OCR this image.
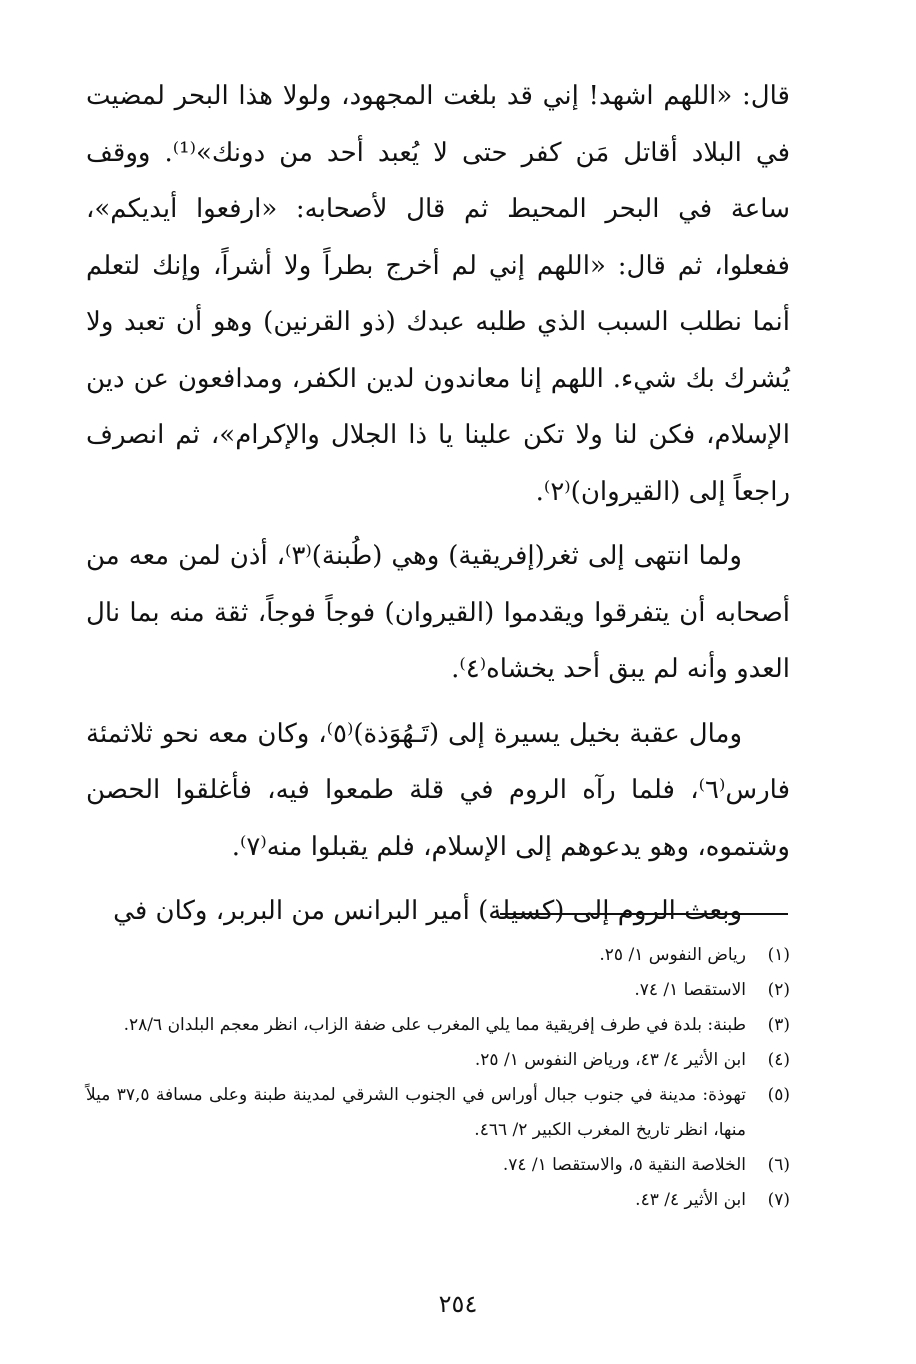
قال: «اللهم اشهد! إني قد بلغت المجهود، ولولا هذا البحر لمضيت في البلاد أقاتل مَن كفر حتى لا يُعبد أحد من دونك»⁽¹⁾. ووقف ساعة في البحر المحيط ثم قال لأصحابه: «ارفعوا أيديكم»، ففعلوا، ثم قال: «اللهم إني لم أخرج بطراً ولا أشراً، وإنك لتعلم أنما نطلب السبب الذي طلبه عبدك (ذو القرنين) وهو أن تعبد ولا يُشرك بك شيء. اللهم إنا معاندون لدين الكفر، ومدافعون عن دين الإسلام، فكن لنا ولا تكن علينا يا ذا الجلال والإكرام»، ثم انصرف راجعاً إلى (القيروان)⁽٢⁾.

ولما انتهى إلى ثغر(إفريقية) وهي (طُبنة)⁽٣⁾، أذن لمن معه من أصحابه أن يتفرقوا ويقدموا (القيروان) فوجاً فوجاً، ثقة منه بما نال العدو وأنه لم يبق أحد يخشاه⁽٤⁾.

ومال عقبة بخيل يسيرة إلى (تَـهُوَذة)⁽٥⁾، وكان معه نحو ثلاثمئة فارس⁽٦⁾، فلما رآه الروم في قلة طمعوا فيه، فأغلقوا الحصن وشتموه، وهو يدعوهم إلى الإسلام، فلم يقبلوا منه⁽٧⁾.

وبعث الروم إلى (كسيلة) أمير البرانس من البربر، وكان في

(١)
رياض النفوس ١/ ٢٥.
(٢)
الاستقصا ١/ ٧٤.
(٣)
طبنة: بلدة في طرف إفريقية مما يلي المغرب على ضفة الزاب، انظر معجم البلدان ٢٨/٦.
(٤)
ابن الأثير ٤/ ٤٣، ورياض النفوس ١/ ٢٥.
(٥)
تهوذة: مدينة في جنوب جبال أوراس في الجنوب الشرقي لمدينة طبنة وعلى مسافة ٣٧,٥ ميلاً منها، انظر تاريخ المغرب الكبير ٢/ ٤٦٦.
(٦)
الخلاصة النقية ٥، والاستقصا ١/ ٧٤.
(٧)
ابن الأثير ٤/ ٤٣.
٢٥٤
